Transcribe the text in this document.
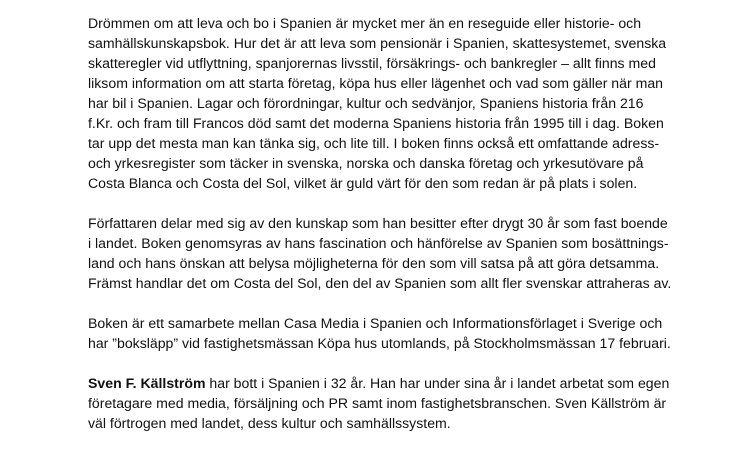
Drömmen om att leva och bo i Spanien är mycket mer än en reseguide eller historie- och
samhällskunskapsbok. Hur det är att leva som pensionär i Spanien, skattesystemet, svenska
skatteregler vid utflyttning, spanjorernas livsstil, försäkrings- och bankregler – allt finns med
liksom information om att starta företag, köpa hus eller lägenhet och vad som gäller när man
har bil i Spanien. Lagar och förordningar, kultur och sedvänjor, Spaniens historia från 216
f.Kr. och fram till Francos död samt det moderna Spaniens historia från 1995 till i dag. Boken
tar upp det mesta man kan tänka sig, och lite till. I boken finns också ett omfattande adress-
och yrkesregister som täcker in svenska, norska och danska företag och yrkesutövare på
Costa Blanca och Costa del Sol, vilket är guld värt för den som redan är på plats i solen.

Författaren delar med sig av den kunskap som han besitter efter drygt 30 år som fast boende
i landet. Boken genomsyras av hans fascination och hänförelse av Spanien som bosättnings-
land och hans önskan att belysa möjligheterna för den som vill satsa på att göra detsamma.
Främst handlar det om Costa del Sol, den del av Spanien som allt fler svenskar attraheras av.

Boken är ett samarbete mellan Casa Media i Spanien och Informationsförlaget i Sverige och
har ”boksläpp” vid fastighetsmässan Köpa hus utomlands, på Stockholmsmässan 17 februari.

Sven F. Källström har bott i Spanien i 32 år. Han har under sina år i landet arbetat som egen
företagare med media, försäljning och PR samt inom fastighetsbranschen. Sven Källström är
väl förtrogen med landet, dess kultur och samhällssystem.
